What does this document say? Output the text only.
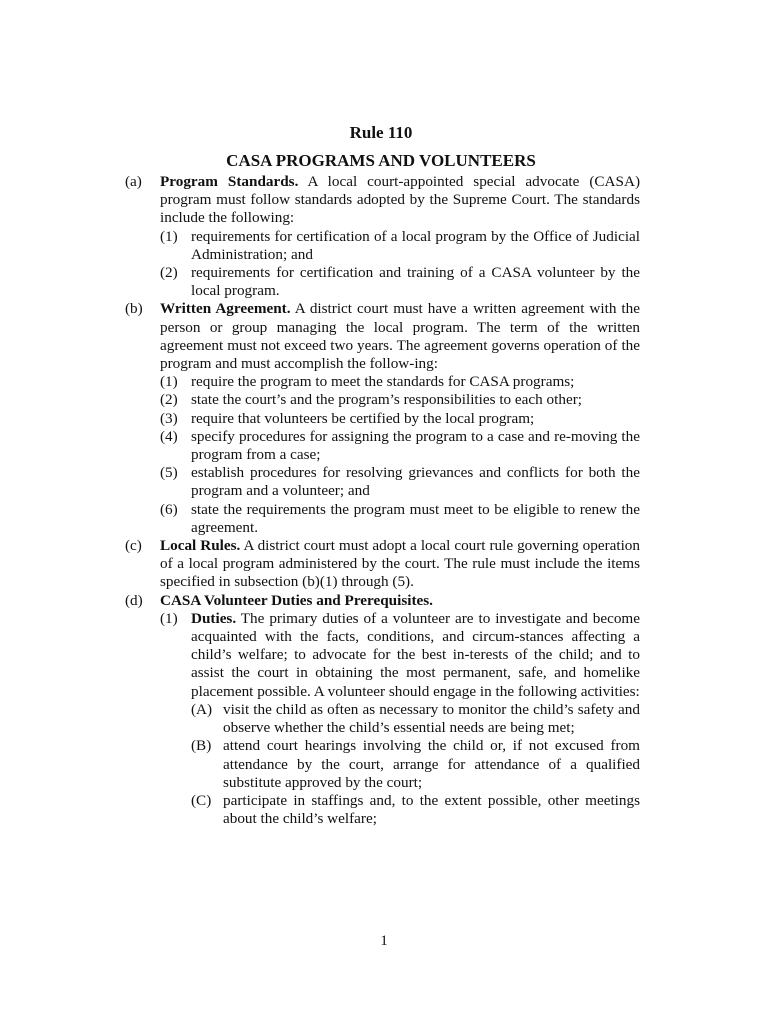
Rule 110
CASA PROGRAMS AND VOLUNTEERS
(a) Program Standards. A local court-appointed special advocate (CASA) program must follow standards adopted by the Supreme Court. The standards include the following:
(1) requirements for certification of a local program by the Office of Judicial Administration; and
(2) requirements for certification and training of a CASA volunteer by the local program.
(b) Written Agreement. A district court must have a written agreement with the person or group managing the local program. The term of the written agreement must not exceed two years. The agreement governs operation of the program and must accomplish the follow-ing:
(1) require the program to meet the standards for CASA programs;
(2) state the court’s and the program’s responsibilities to each other;
(3) require that volunteers be certified by the local program;
(4) specify procedures for assigning the program to a case and re-moving the program from a case;
(5) establish procedures for resolving grievances and conflicts for both the program and a volunteer; and
(6) state the requirements the program must meet to be eligible to renew the agreement.
(c) Local Rules. A district court must adopt a local court rule governing operation of a local program administered by the court. The rule must include the items specified in subsection (b)(1) through (5).
(d) CASA Volunteer Duties and Prerequisites.
(1) Duties. The primary duties of a volunteer are to investigate and become acquainted with the facts, conditions, and circum-stances affecting a child’s welfare; to advocate for the best in-terests of the child; and to assist the court in obtaining the most permanent, safe, and homelike placement possible. A volunteer should engage in the following activities:
(A) visit the child as often as necessary to monitor the child’s safety and observe whether the child’s essential needs are being met;
(B) attend court hearings involving the child or, if not excused from attendance by the court, arrange for attendance of a qualified substitute approved by the court;
(C) participate in staffings and, to the extent possible, other meetings about the child’s welfare;
1
